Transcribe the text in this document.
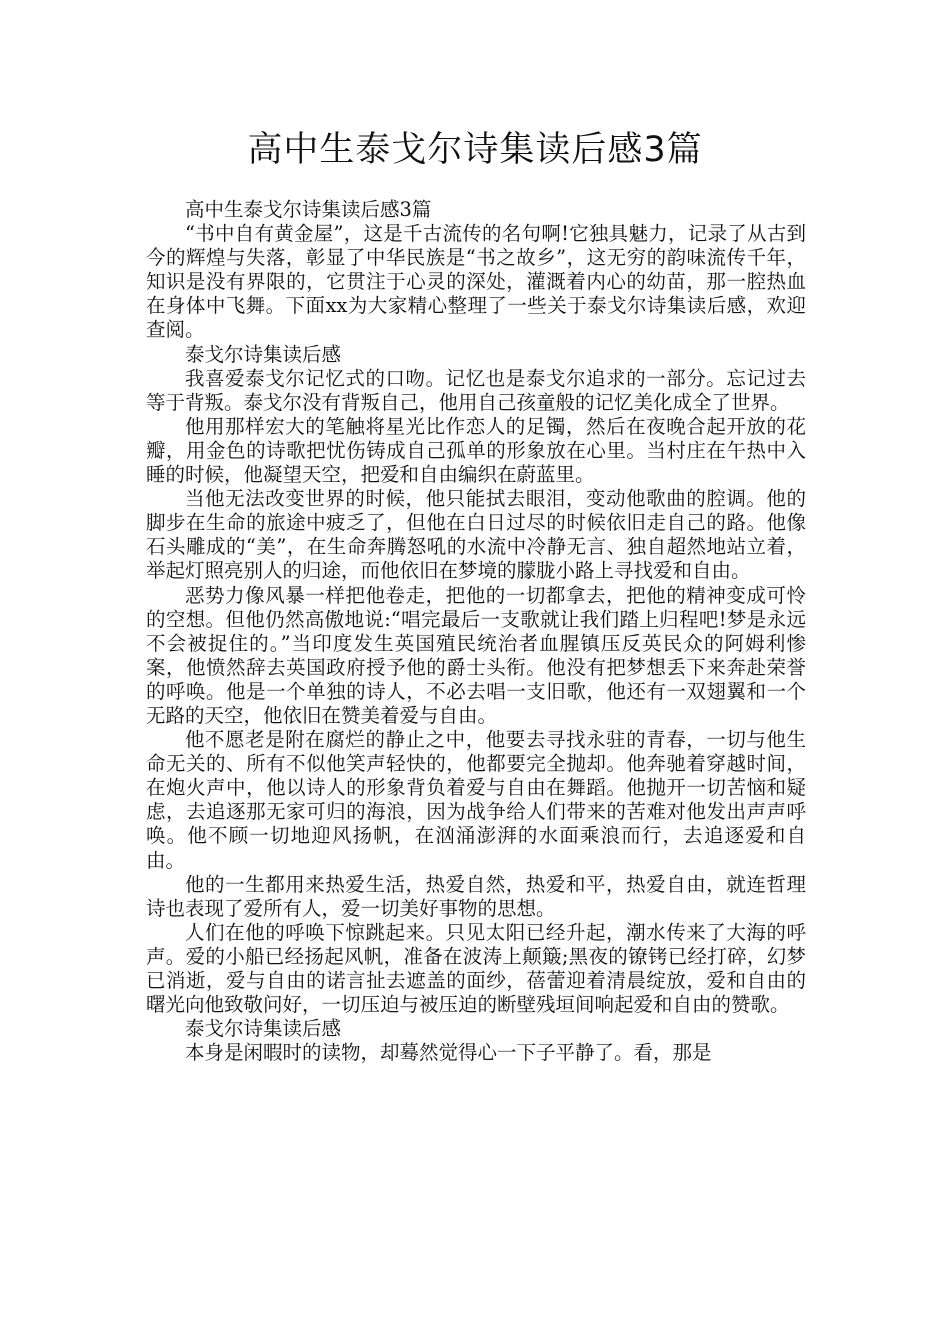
高中生泰戈尔诗集读后感3篇

高中生泰戈尔诗集读后感3篇

“书中自有黄金屋”，这是千古流传的名句啊!它独具魅力，记录了从古到今的辉煌与失落，彰显了中华民族是“书之故乡”，这无穷的韵味流传千年，知识是没有界限的，它贯注于心灵的深处，灌溉着内心的幼苗，那一腔热血在身体中飞舞。下面xx为大家精心整理了一些关于泰戈尔诗集读后感，欢迎查阅。

泰戈尔诗集读后感

我喜爱泰戈尔记忆式的口吻。记忆也是泰戈尔追求的一部分。忘记过去等于背叛。泰戈尔没有背叛自己，他用自己孩童般的记忆美化成全了世界。

他用那样宏大的笔触将星光比作恋人的足镯，然后在夜晚合起开放的花瓣，用金色的诗歌把忧伤铸成自己孤单的形象放在心里。当村庄在午热中入睡的时候，他凝望天空，把爱和自由编织在蔚蓝里。

当他无法改变世界的时候，他只能拭去眼泪，变动他歌曲的腔调。他的脚步在生命的旅途中疲乏了，但他在白日过尽的时候依旧走自己的路。他像石头雕成的“美”，在生命奔腾怒吼的水流中冷静无言、独自超然地站立着，举起灯照亮别人的归途，而他依旧在梦境的朦胧小路上寻找爱和自由。

恶势力像风暴一样把他卷走，把他的一切都拿去，把他的精神变成可怜的空想。但他仍然高傲地说:“唱完最后一支歌就让我们踏上归程吧!梦是永远不会被捉住的。”当印度发生英国殖民统治者血腥镇压反英民众的阿姆利惨案，他愤然辞去英国政府授予他的爵士头衔。他没有把梦想丢下来奔赴荣誉的呼唤。他是一个单独的诗人，不必去唱一支旧歌，他还有一双翅翼和一个无路的天空，他依旧在赞美着爱与自由。

他不愿老是附在腐烂的静止之中，他要去寻找永驻的青春，一切与他生命无关的、所有不似他笑声轻快的，他都要完全抛却。他奔驰着穿越时间，在炮火声中，他以诗人的形象背负着爱与自由在舞蹈。他抛开一切苦恼和疑虑，去追逐那无家可归的海浪，因为战争给人们带来的苦难对他发出声声呼唤。他不顾一切地迎风扬帆，在汹涌澎湃的水面乘浪而行，去追逐爱和自由。

他的一生都用来热爱生活，热爱自然，热爱和平，热爱自由，就连哲理诗也表现了爱所有人，爱一切美好事物的思想。

人们在他的呼唤下惊跳起来。只见太阳已经升起，潮水传来了大海的呼声。爱的小船已经扬起风帆，准备在波涛上颠簸;黑夜的镣铐已经打碎，幻梦已消逝，爱与自由的诺言扯去遮盖的面纱，蓓蕾迎着清晨绽放，爱和自由的曙光向他致敬问好，一切压迫与被压迫的断壁残垣间响起爱和自由的赞歌。

泰戈尔诗集读后感

本身是闲暇时的读物，却蓦然觉得心一下子平静了。看，那是
